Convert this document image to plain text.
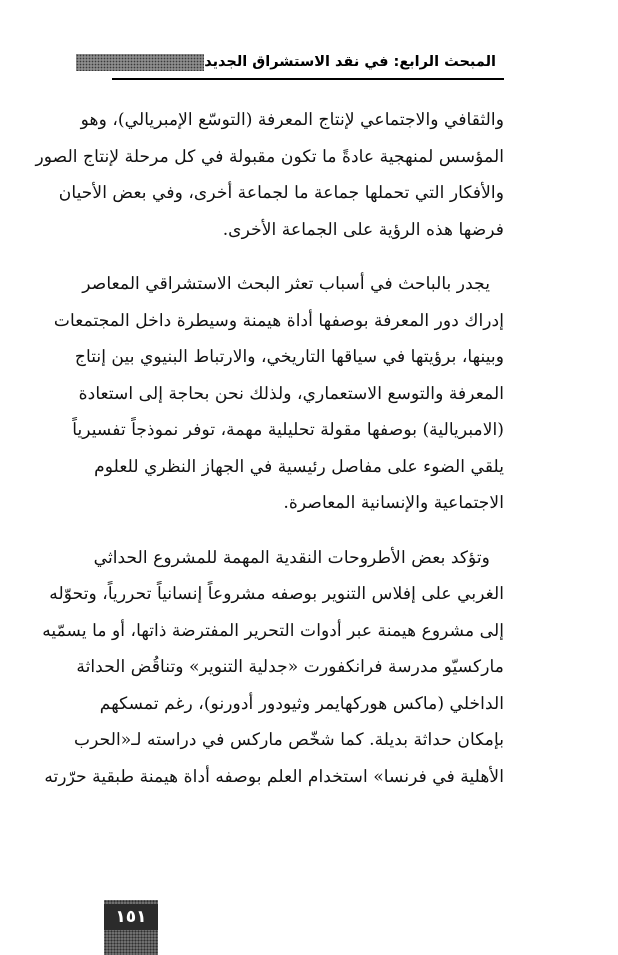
المبحث الرابع: في نقد الاستشراق الجديد

والثقافي والاجتماعي لإنتاج المعرفة (التوسّع الإمبريالي)، وهو
المؤسس لمنهجية عادةً ما تكون مقبولة في كل مرحلة لإنتاج الصور
والأفكار التي تحملها جماعة ما لجماعة أخرى، وفي بعض الأحيان
فرضها هذه الرؤية على الجماعة الأخرى.

يجدر بالباحث في أسباب تعثر البحث الاستشراقي المعاصر
إدراك دور المعرفة بوصفها أداة هيمنة وسيطرة داخل المجتمعات
وبينها، برؤيتها في سياقها التاريخي، والارتباط البنيوي بين إنتاج
المعرفة والتوسع الاستعماري، ولذلك نحن بحاجة إلى استعادة
(الامبريالية) بوصفها مقولة تحليلية مهمة، توفر نموذجاً تفسيرياً
يلقي الضوء على مفاصل رئيسية في الجهاز النظري للعلوم
الاجتماعية والإنسانية المعاصرة.

وتؤكد بعض الأطروحات النقدية المهمة للمشروع الحداثي
الغربي على إفلاس التنوير بوصفه مشروعاً إنسانياً تحررياً، وتحوّله
إلى مشروع هيمنة عبر أدوات التحرير المفترضة ذاتها، أو ما يسمّيه
ماركسيّو مدرسة فرانكفورت «جدلية التنوير» وتناقُض الحداثة
الداخلي (ماكس هوركهايمر وثيودور أدورنو)، رغم تمسكهم
بإمكان حداثة بديلة. كما شخّص ماركس في دراسته لـ«الحرب
الأهلية في فرنسا» استخدام العلم بوصفه أداة هيمنة طبقية حرّرته

١٥١
